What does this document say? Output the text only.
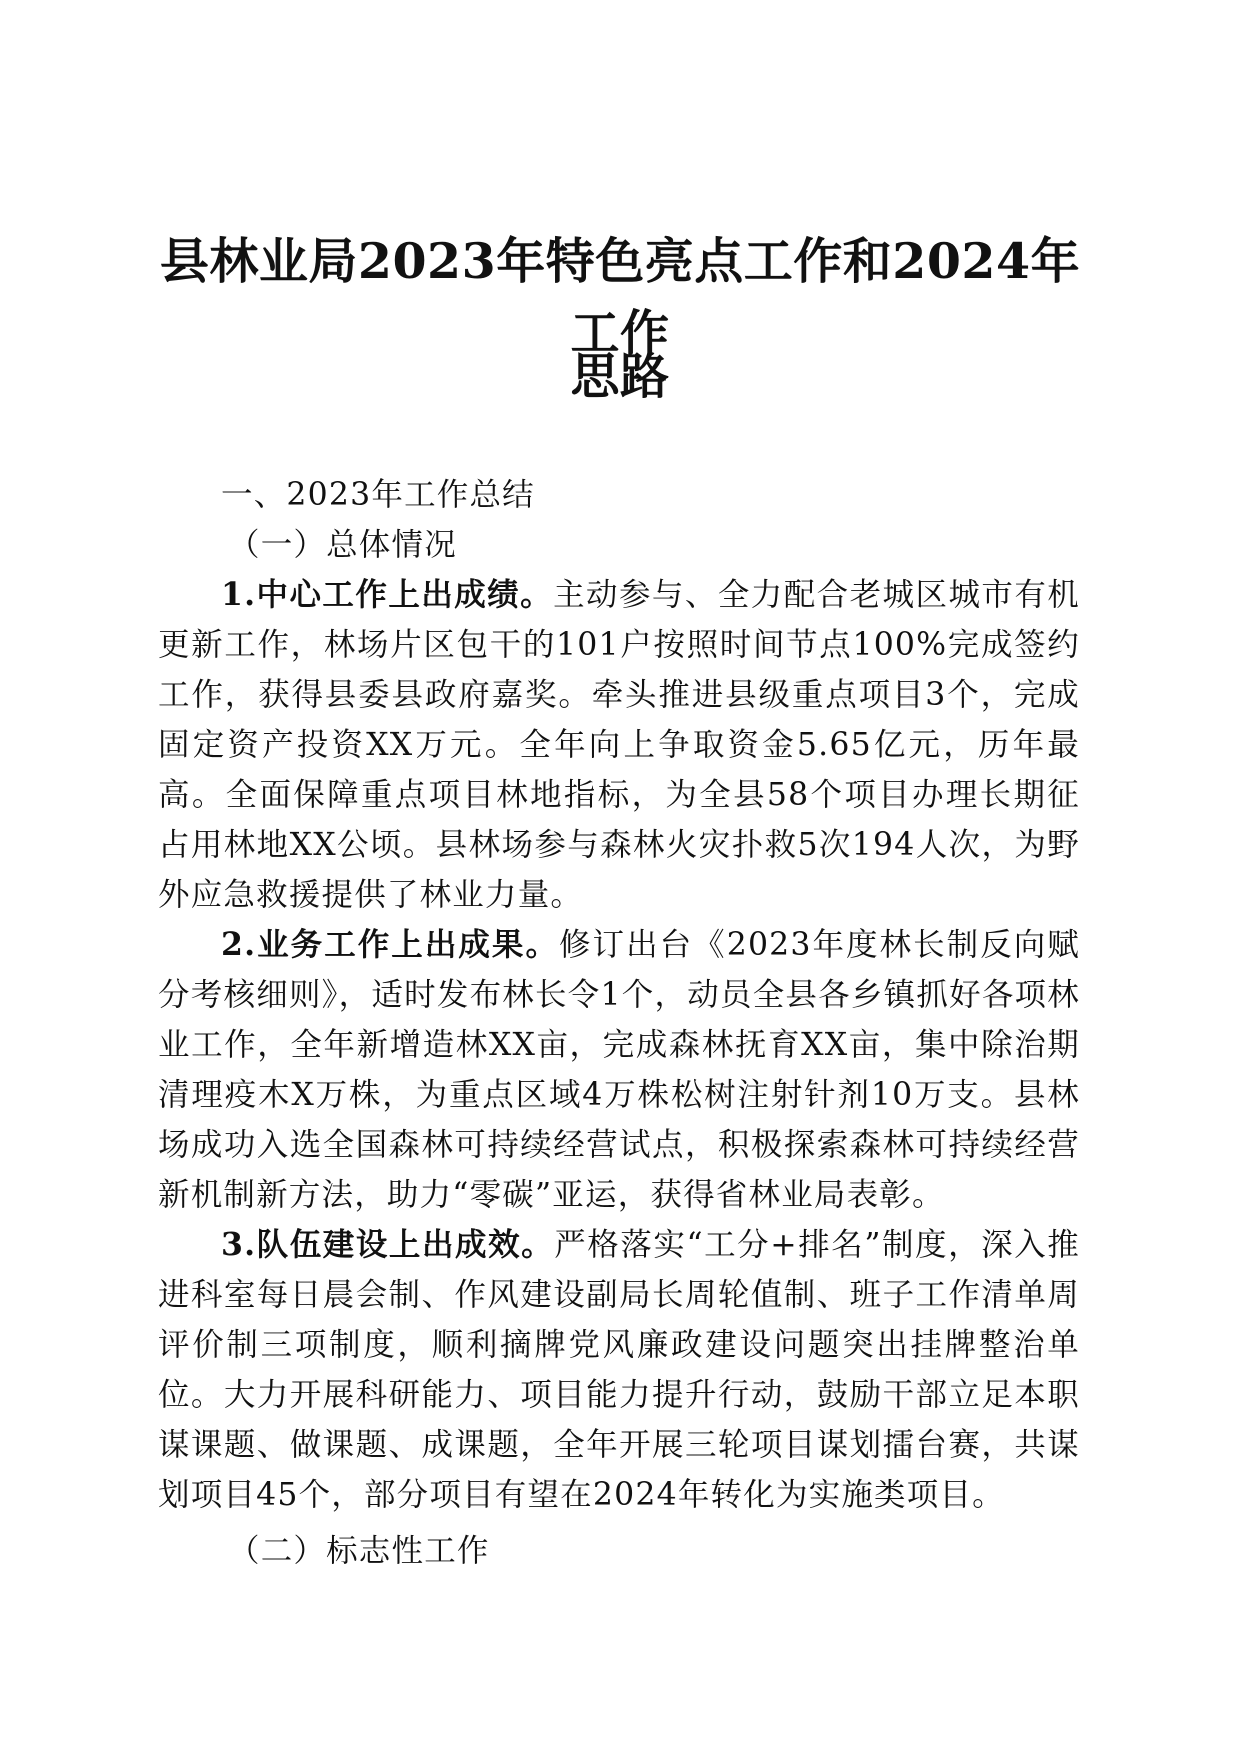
县林业局2023年特色亮点工作和2024年工作
思路

一、2023年工作总结

（一）总体情况

1.中心工作上出成绩。主动参与、全力配合老城区城市有机更新工作，林场片区包干的101户按照时间节点100%完成签约工作，获得县委县政府嘉奖。牵头推进县级重点项目3个，完成固定资产投资XX万元。全年向上争取资金5.65亿元，历年最高。全面保障重点项目林地指标，为全县58个项目办理长期征占用林地XX公顷。县林场参与森林火灾扑救5次194人次，为野外应急救援提供了林业力量。

2.业务工作上出成果。修订出台《2023年度林长制反向赋分考核细则》，适时发布林长令1个，动员全县各乡镇抓好各项林业工作，全年新增造林XX亩，完成森林抚育XX亩，集中除治期清理疫木X万株，为重点区域4万株松树注射针剂10万支。县林场成功入选全国森林可持续经营试点，积极探索森林可持续经营新机制新方法，助力“零碳”亚运，获得省林业局表彰。

3.队伍建设上出成效。严格落实“工分+排名”制度，深入推进科室每日晨会制、作风建设副局长周轮值制、班子工作清单周评价制三项制度，顺利摘牌党风廉政建设问题突出挂牌整治单位。大力开展科研能力、项目能力提升行动，鼓励干部立足本职谋课题、做课题、成课题，全年开展三轮项目谋划擂台赛，共谋划项目45个，部分项目有望在2024年转化为实施类项目。

（二）标志性工作
